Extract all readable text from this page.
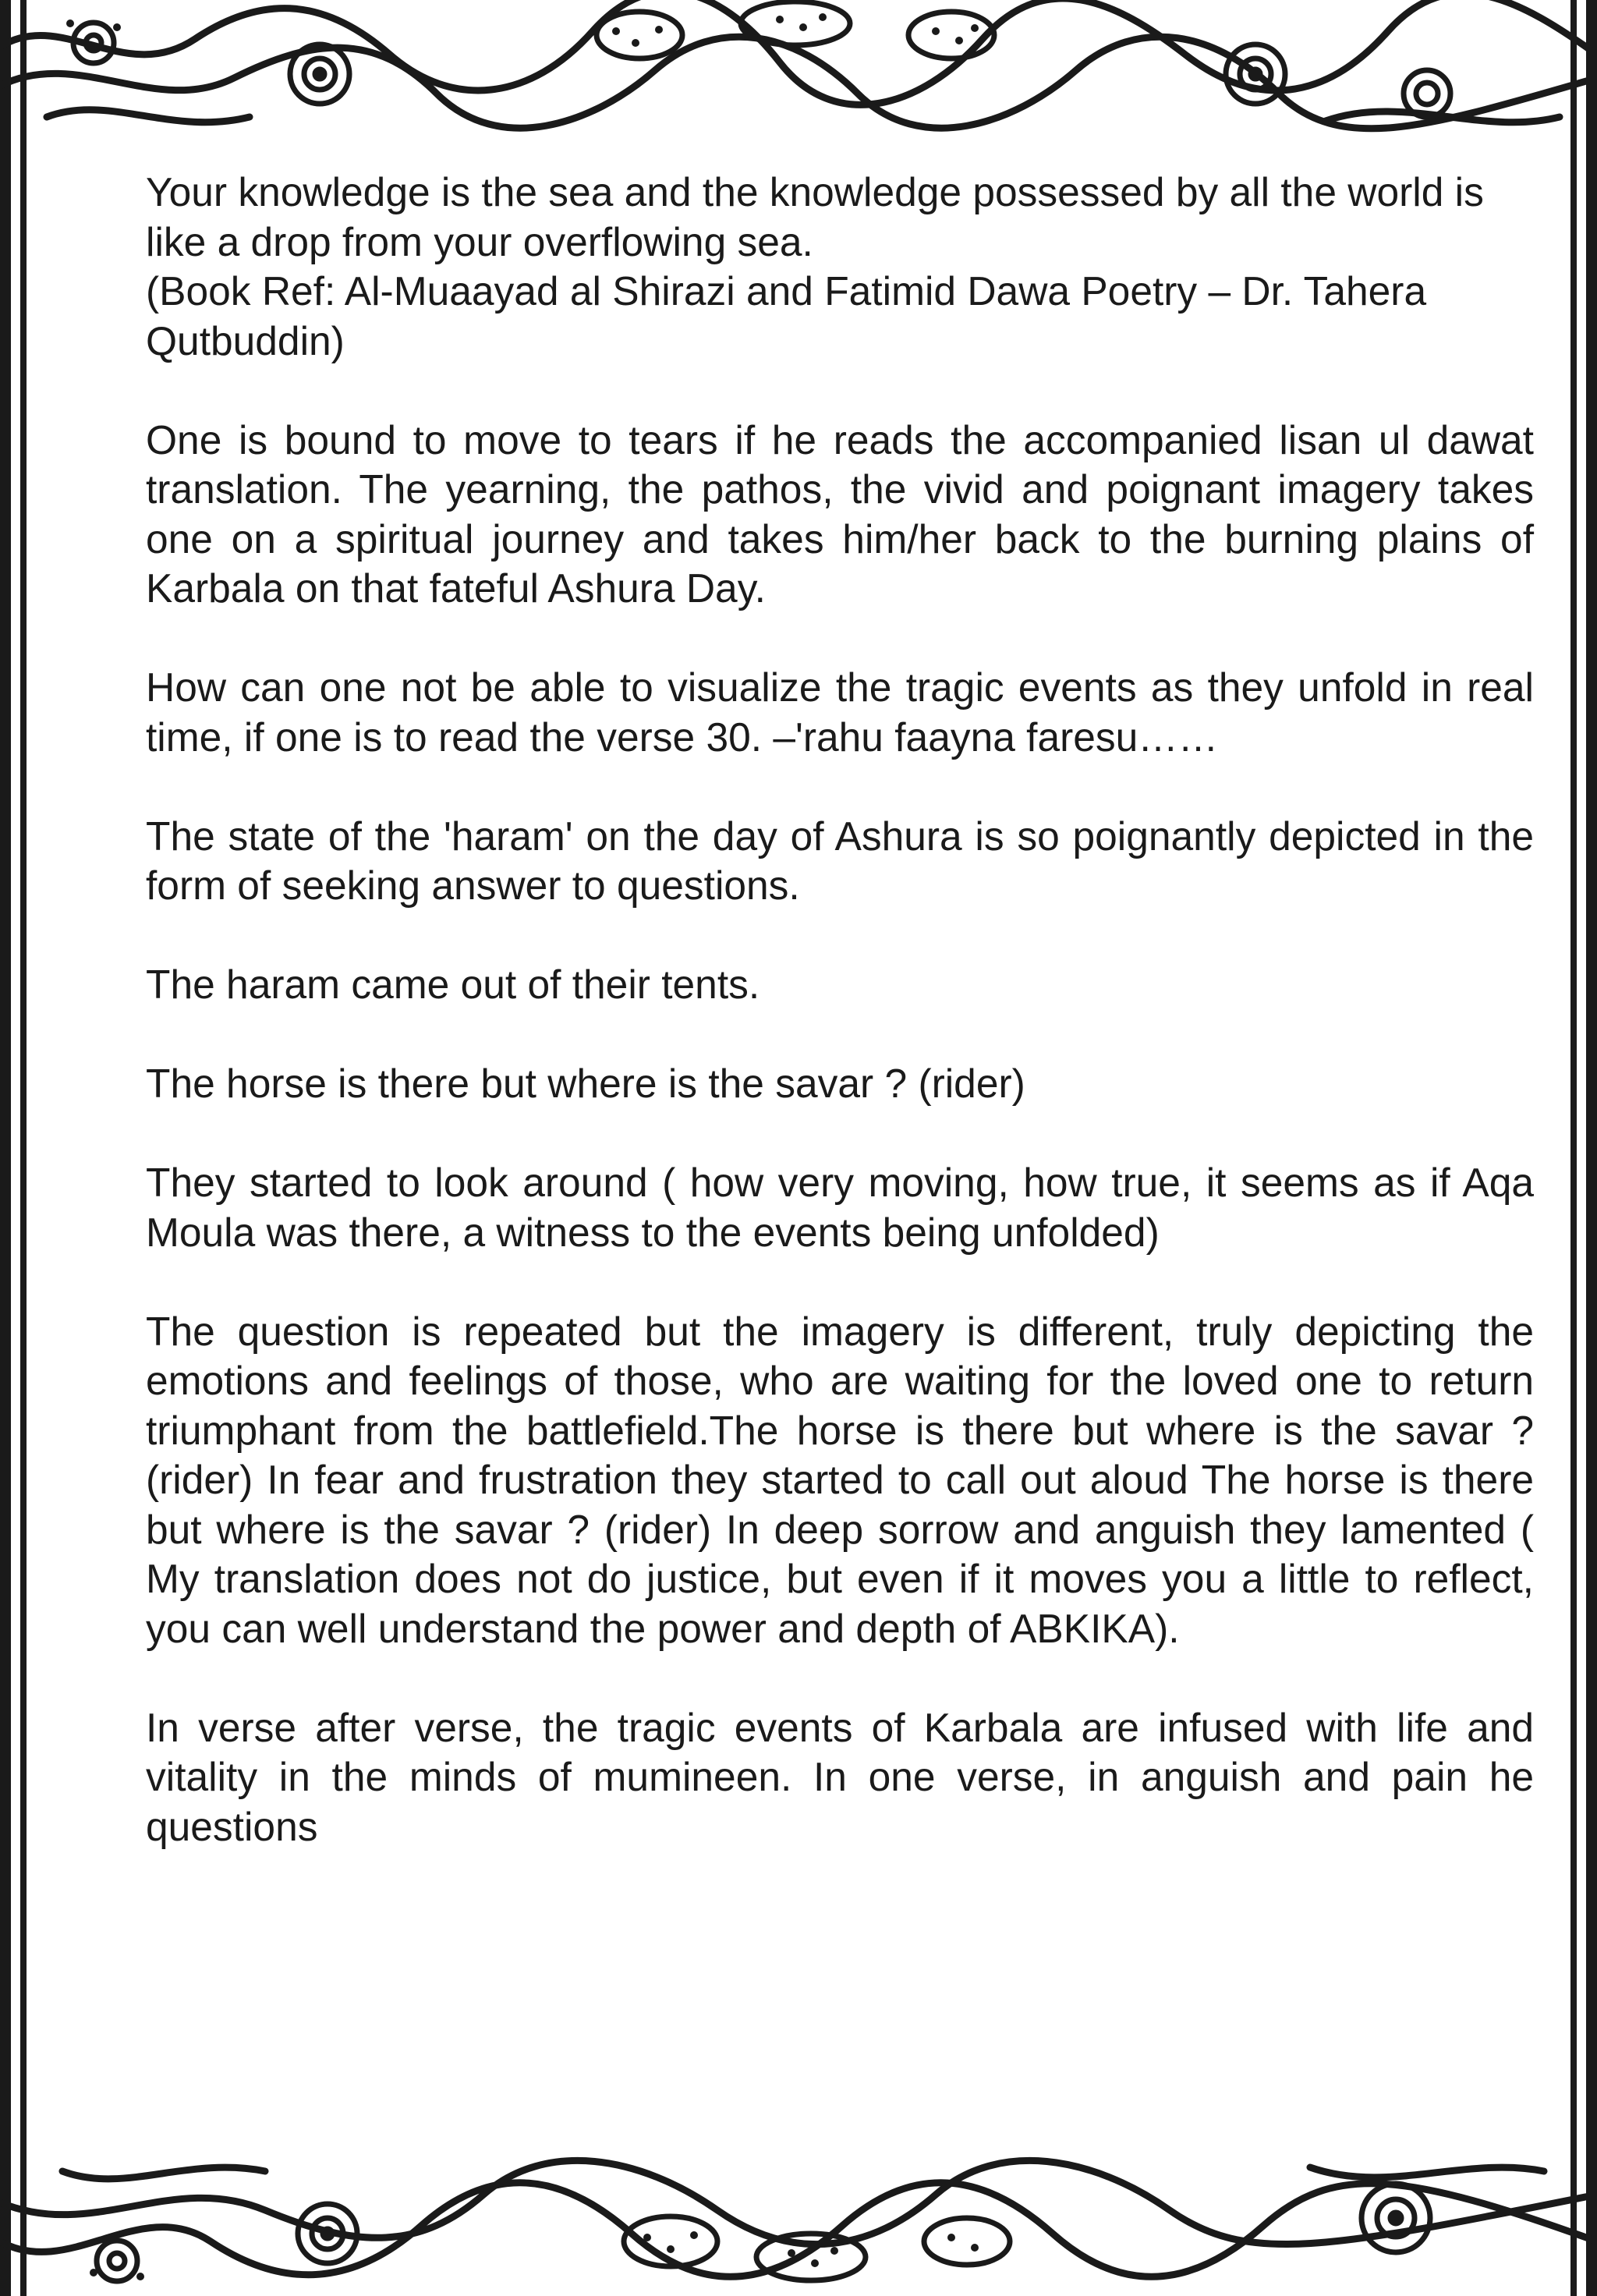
Your knowledge is the sea and the knowledge possessed by all the world is like a drop from your overflowing sea.
(Book Ref: Al-Muaayad al Shirazi and Fatimid Dawa Poetry – Dr. Tahera Qutbuddin)

One is bound to move to tears if he reads the accompanied lisan ul dawat translation. The yearning, the pathos, the vivid and poignant imagery takes one on a spiritual journey and takes him/her back to the burning plains of Karbala on that fateful Ashura Day.

How can one not be able to visualize the tragic events as they unfold in real time, if one is to read the verse 30. –'rahu faayna faresu……

The state of the 'haram' on the day of Ashura is so poignantly depicted in the form of seeking answer to questions.

The haram came out of their tents.

The horse is there but where is the savar ? (rider)

They started to look around ( how very moving, how true, it seems as if Aqa Moula was there, a witness to the events being unfolded)

The question is repeated but the imagery is different, truly depicting the emotions and feelings of those, who are waiting for the loved one to return triumphant from the battlefield.The horse is there but where is the savar ? (rider) In fear and frustration they started to call out aloud The horse is there but where is the savar ? (rider) In deep sorrow and anguish they lamented ( My translation does not do justice, but even if it moves you a little to reflect, you can well understand the power and depth of ABKIKA).

In verse after verse, the tragic events of Karbala are infused with life and vitality in the minds of mumineen. In one verse, in anguish and pain he questions
